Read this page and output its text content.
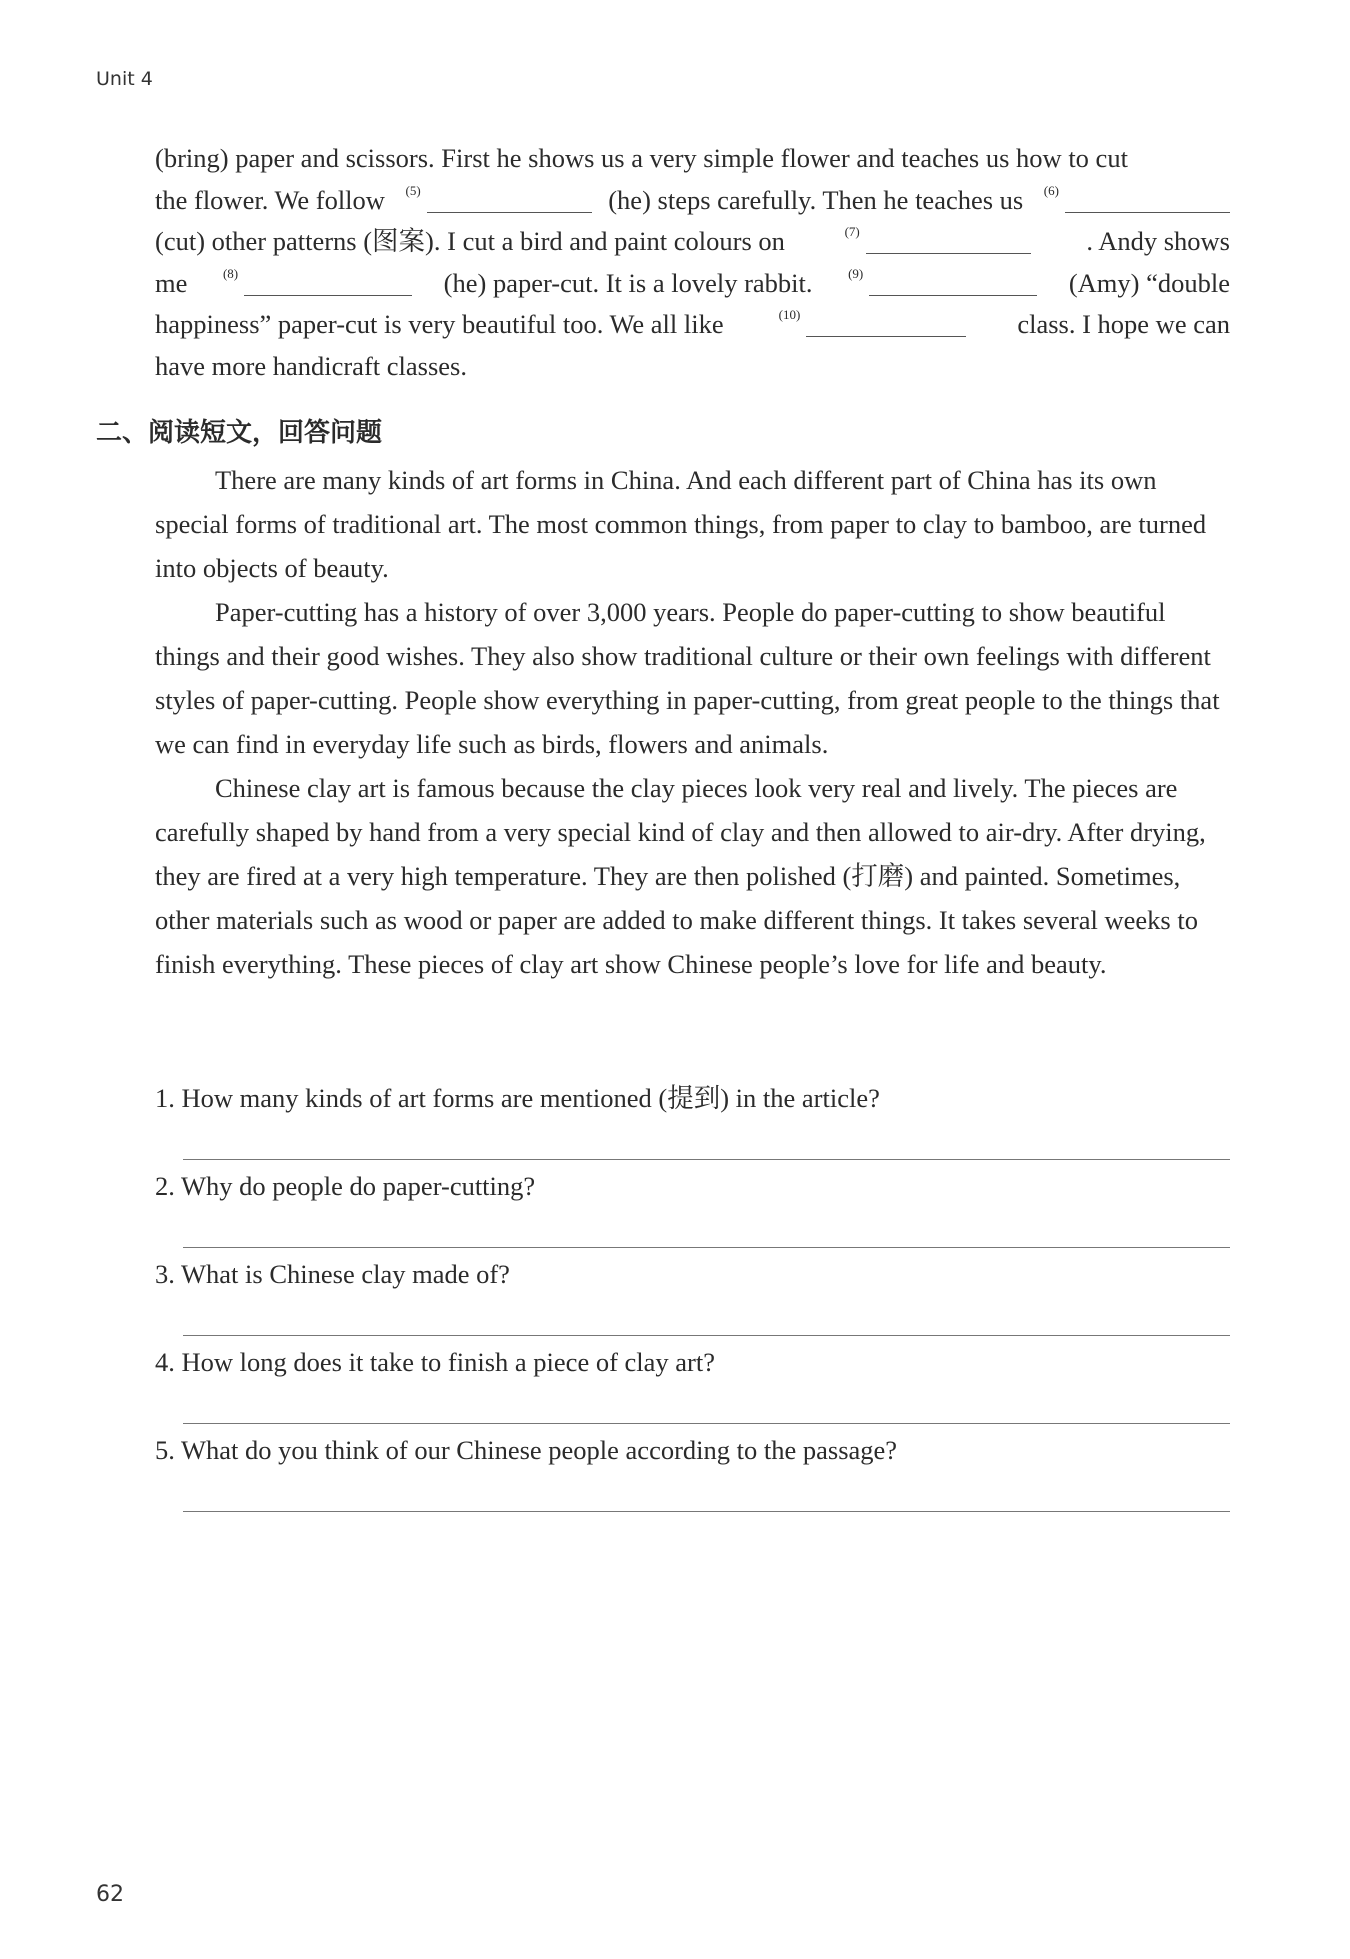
Unit 4
(bring) paper and scissors. First he shows us a very simple flower and teaches us how to cut
the flower. We follow	$^{(5)}$	(he) steps carefully. Then he teaches us	$^{(6)}$
(cut) other patterns (图案). I cut a bird and paint colours on	$^{(7)}$	. Andy shows
me	$^{(8)}$	(he) paper-cut. It is a lovely rabbit.	$^{(9)}$	(Amy) “double
happiness” paper-cut is very beautiful too. We all like	$^{(10)}$	class. I hope we can
have more handicraft classes.
二、阅读短文，回答问题

There are many kinds of art forms in China. And each different part of China has its own special forms of traditional art. The most common things, from paper to clay to bamboo, are turned into objects of beauty.

Paper-cutting has a history of over 3,000 years. People do paper-cutting to show beautiful things and their good wishes. They also show traditional culture or their own feelings with different styles of paper-cutting. People show everything in paper-cutting, from great people to the things that we can find in everyday life such as birds, flowers and animals.

Chinese clay art is famous because the clay pieces look very real and lively. The pieces are carefully shaped by hand from a very special kind of clay and then allowed to air-dry. After drying, they are fired at a very high temperature. They are then polished (打磨) and painted. Sometimes, other materials such as wood or paper are added to make different things. It takes several weeks to finish everything. These pieces of clay art show Chinese people’s love for life and beauty.

1. How many kinds of art forms are mentioned (提到) in the article?
2. Why do people do paper-cutting?
3. What is Chinese clay made of?
4. How long does it take to finish a piece of clay art?
5. What do you think of our Chinese people according to the passage?
62
